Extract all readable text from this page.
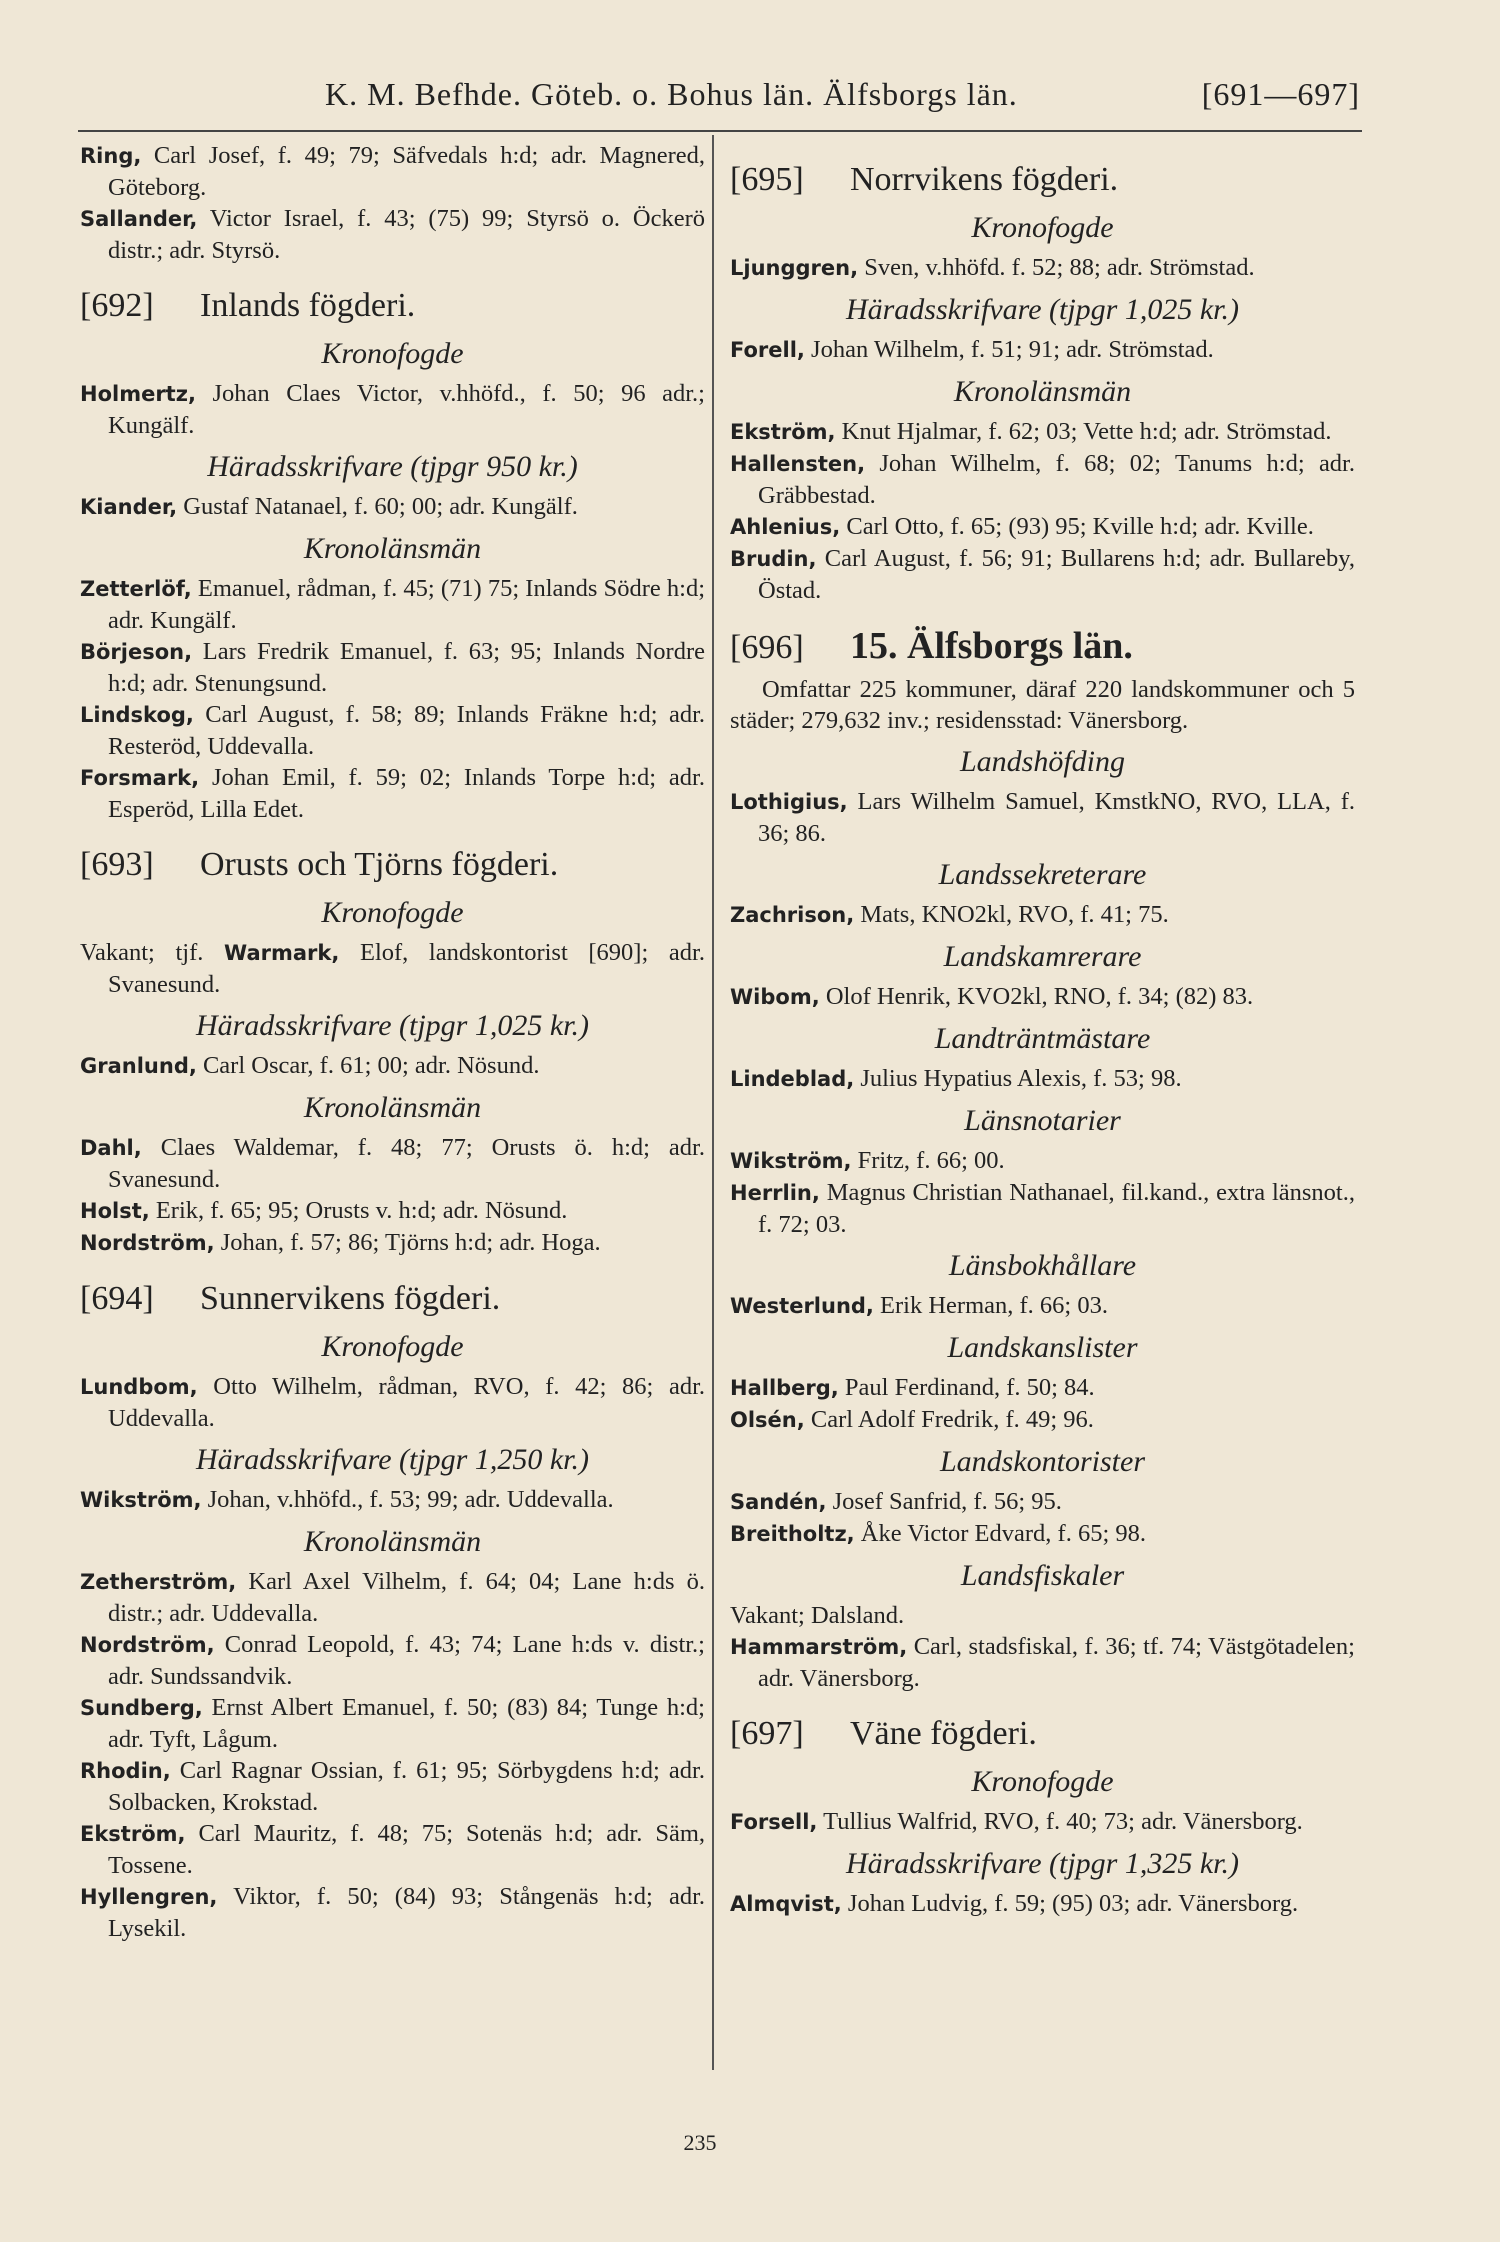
K. M. Befhde. Göteb. o. Bohus län. Älfsborgs län.	[691—697]

Ring, Carl Josef, f. 49; 79; Säfvedals h:d; adr. Magnered, Göteborg.

Sallander, Victor Israel, f. 43; (75) 99; Styrsö o. Öckerö distr.; adr. Styrsö.

[692] Inlands fögderi.
Kronofogde

Holmertz, Johan Claes Victor, v.hhöfd., f. 50; 96 adr.; Kungälf.

Häradsskrifvare (tjpgr 950 kr.)

Kiander, Gustaf Natanael, f. 60; 00; adr. Kungälf.

Kronolänsmän

Zetterlöf, Emanuel, rådman, f. 45; (71) 75; Inlands Södre h:d; adr. Kungälf.

Börjeson, Lars Fredrik Emanuel, f. 63; 95; Inlands Nordre h:d; adr. Stenungsund.

Lindskog, Carl August, f. 58; 89; Inlands Fräkne h:d; adr. Resteröd, Uddevalla.

Forsmark, Johan Emil, f. 59; 02; Inlands Torpe h:d; adr. Esperöd, Lilla Edet.

[693] Orusts och Tjörns fögderi.
Kronofogde

Vakant; tjf. Warmark, Elof, landskontorist [690]; adr. Svanesund.

Häradsskrifvare (tjpgr 1,025 kr.)

Granlund, Carl Oscar, f. 61; 00; adr. Nösund.

Kronolänsmän

Dahl, Claes Waldemar, f. 48; 77; Orusts ö. h:d; adr. Svanesund.

Holst, Erik, f. 65; 95; Orusts v. h:d; adr. Nösund.

Nordström, Johan, f. 57; 86; Tjörns h:d; adr. Hoga.

[694] Sunnervikens fögderi.
Kronofogde

Lundbom, Otto Wilhelm, rådman, RVO, f. 42; 86; adr. Uddevalla.

Häradsskrifvare (tjpgr 1,250 kr.)

Wikström, Johan, v.hhöfd., f. 53; 99; adr. Uddevalla.

Kronolänsmän

Zetherström, Karl Axel Vilhelm, f. 64; 04; Lane h:ds ö. distr.; adr. Uddevalla.

Nordström, Conrad Leopold, f. 43; 74; Lane h:ds v. distr.; adr. Sundssandvik.

Sundberg, Ernst Albert Emanuel, f. 50; (83) 84; Tunge h:d; adr. Tyft, Lågum.

Rhodin, Carl Ragnar Ossian, f. 61; 95; Sörbygdens h:d; adr. Solbacken, Krokstad.

Ekström, Carl Mauritz, f. 48; 75; Sotenäs h:d; adr. Säm, Tossene.

Hyllengren, Viktor, f. 50; (84) 93; Stångenäs h:d; adr. Lysekil.

[695] Norrvikens fögderi.
Kronofogde

Ljunggren, Sven, v.hhöfd. f. 52; 88; adr. Strömstad.

Häradsskrifvare (tjpgr 1,025 kr.)

Forell, Johan Wilhelm, f. 51; 91; adr. Strömstad.

Kronolänsmän

Ekström, Knut Hjalmar, f. 62; 03; Vette h:d; adr. Strömstad.

Hallensten, Johan Wilhelm, f. 68; 02; Tanums h:d; adr. Gräbbestad.

Ahlenius, Carl Otto, f. 65; (93) 95; Kville h:d; adr. Kville.

Brudin, Carl August, f. 56; 91; Bullarens h:d; adr. Bullareby, Östad.

[696] 15. Älfsborgs län.

Omfattar 225 kommuner, däraf 220 landskommuner och 5 städer; 279,632 inv.; residensstad: Vänersborg.

Landshöfding

Lothigius, Lars Wilhelm Samuel, KmstkNO, RVO, LLA, f. 36; 86.

Landssekreterare

Zachrison, Mats, KNO2kl, RVO, f. 41; 75.

Landskamrerare

Wibom, Olof Henrik, KVO2kl, RNO, f. 34; (82) 83.

Landträntmästare

Lindeblad, Julius Hypatius Alexis, f. 53; 98.

Länsnotarier

Wikström, Fritz, f. 66; 00.

Herrlin, Magnus Christian Nathanael, fil.kand., extra länsnot., f. 72; 03.

Länsbokhållare

Westerlund, Erik Herman, f. 66; 03.

Landskanslister

Hallberg, Paul Ferdinand, f. 50; 84.

Olsén, Carl Adolf Fredrik, f. 49; 96.

Landskontorister

Sandén, Josef Sanfrid, f. 56; 95.

Breitholtz, Åke Victor Edvard, f. 65; 98.

Landsfiskaler

Vakant; Dalsland.

Hammarström, Carl, stadsfiskal, f. 36; tf. 74; Västgötadelen; adr. Vänersborg.

[697] Väne fögderi.
Kronofogde

Forsell, Tullius Walfrid, RVO, f. 40; 73; adr. Vänersborg.

Häradsskrifvare (tjpgr 1,325 kr.)

Almqvist, Johan Ludvig, f. 59; (95) 03; adr. Vänersborg.

235
